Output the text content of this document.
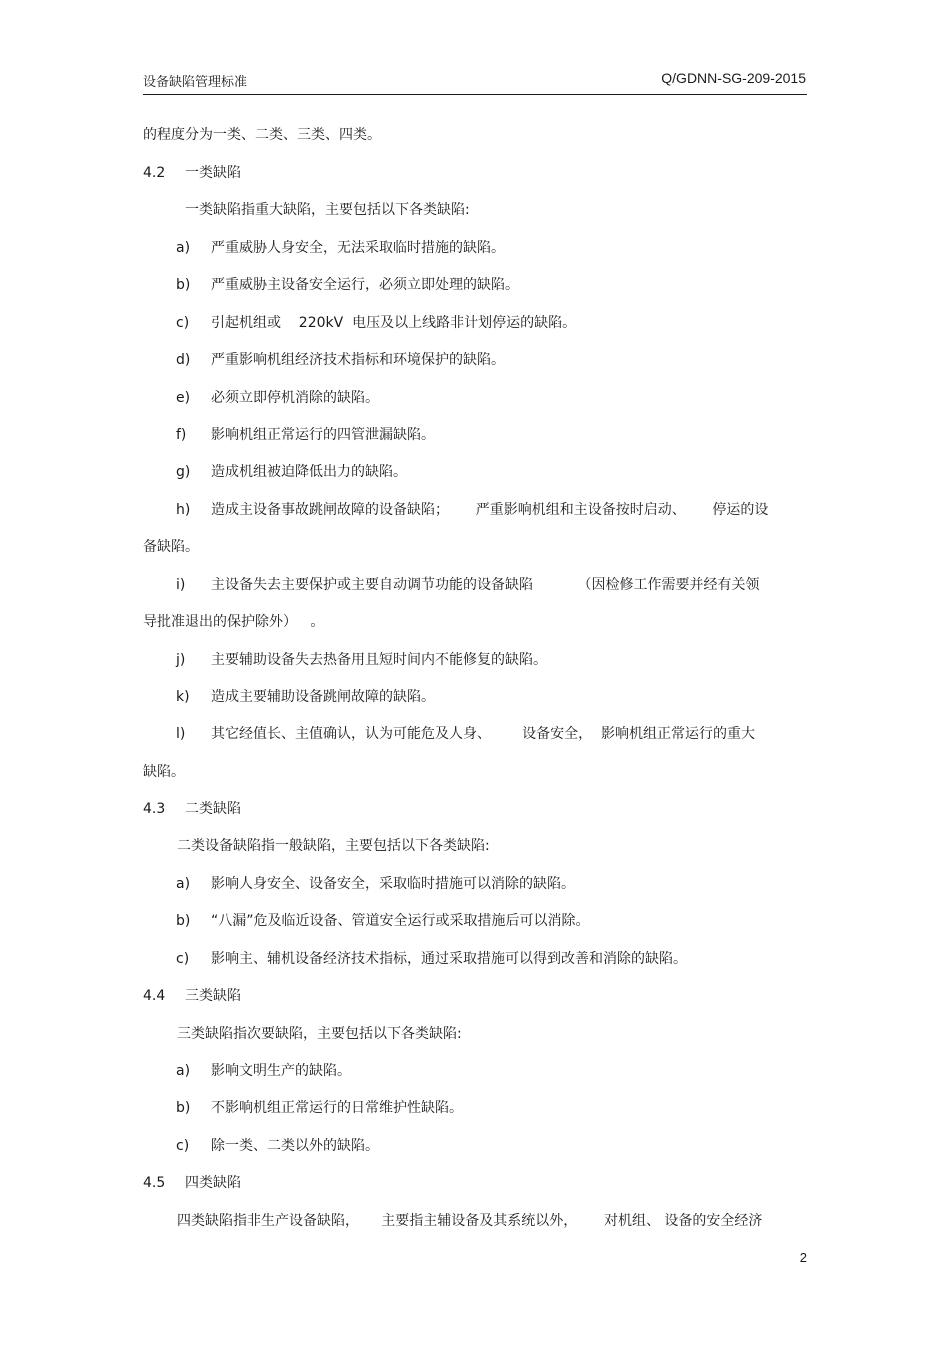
设备缺陷管理标准	Q/GDNN-SG-209-2015
的程度分为一类、二类、三类、四类。
4.2 一类缺陷
一类缺陷指重大缺陷，主要包括以下各类缺陷:
a) 严重威胁人身安全，无法采取临时措施的缺陷。
b) 严重威胁主设备安全运行，必须立即处理的缺陷。
c) 引起机组或    220kV  电压及以上线路非计划停运的缺陷。
d) 严重影响机组经济技术指标和环境保护的缺陷。
e) 必须立即停机消除的缺陷。
f) 影响机组正常运行的四管泄漏缺陷。
g) 造成机组被迫降低出力的缺陷。
h) 造成主设备事故跳闸故障的设备缺陷；      严重影响机组和主设备按时启动、      停运的设
备缺陷。
i) 主设备失去主要保护或主要自动调节功能的设备缺陷          （因检修工作需要并经有关领
导批准退出的保护除外）   。
j) 主要辅助设备失去热备用且短时间内不能修复的缺陷。
k) 造成主要辅助设备跳闸故障的缺陷。
l) 其它经值长、主值确认，认为可能危及人身、       设备安全，  影响机组正常运行的重大
缺陷。
4.3 二类缺陷
二类设备缺陷指一般缺陷，主要包括以下各类缺陷:
a) 影响人身安全、设备安全，采取临时措施可以消除的缺陷。
b) “八漏”危及临近设备、管道安全运行或采取措施后可以消除。
c) 影响主、辅机设备经济技术指标，通过采取措施可以得到改善和消除的缺陷。
4.4 三类缺陷
三类缺陷指次要缺陷，主要包括以下各类缺陷:
a) 影响文明生产的缺陷。
b) 不影响机组正常运行的日常维护性缺陷。
c) 除一类、二类以外的缺陷。
4.5 四类缺陷
四类缺陷指非生产设备缺陷，     主要指主辅设备及其系统以外，      对机组、 设备的安全经济
2
